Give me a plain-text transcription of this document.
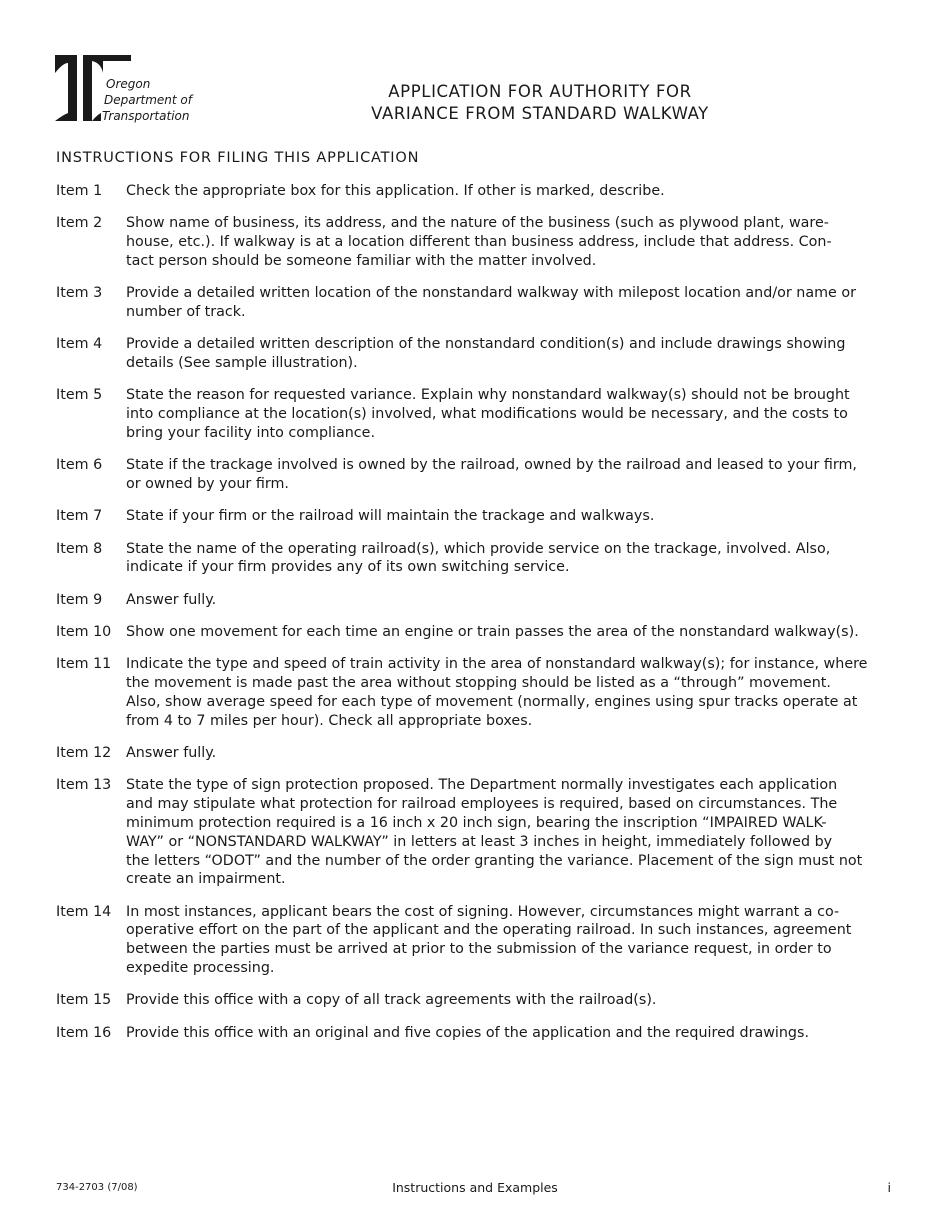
Oregon
Department of
Transportation
APPLICATION FOR AUTHORITY FOR
VARIANCE FROM STANDARD WALKWAY
INSTRUCTIONS FOR FILING THIS APPLICATION
Item 1	Check the appropriate box for this application. If other is marked, describe.
Item 2	Show name of business, its address, and the nature of the business (such as plywood plant, ware-
house, etc.). If walkway is at a location different than business address, include that address. Con-
tact person should be someone familiar with the matter involved.
Item 3	Provide a detailed written location of the nonstandard walkway with milepost location and/or name or
number of track.
Item 4	Provide a detailed written description of the nonstandard condition(s) and include drawings showing
details (See sample illustration).
Item 5	State the reason for requested variance. Explain why nonstandard walkway(s) should not be brought
into compliance at the location(s) involved, what modifications would be necessary, and the costs to
bring your facility into compliance.
Item 6	State if the trackage involved is owned by the railroad, owned by the railroad and leased to your firm,
or owned by your firm.
Item 7	State if your firm or the railroad will maintain the trackage and walkways.
Item 8	State the name of the operating railroad(s), which provide service on the trackage, involved. Also,
indicate if your firm provides any of its own switching service.
Item 9	Answer fully.
Item 10	Show one movement for each time an engine or train passes the area of the nonstandard walkway(s).
Item 11	Indicate the type and speed of train activity in the area of nonstandard walkway(s); for instance, where
the movement is made past the area without stopping should be listed as a “through” movement.
Also, show average speed for each type of movement (normally, engines using spur tracks operate at
from 4 to 7 miles per hour). Check all appropriate boxes.
Item 12	Answer fully.
Item 13	State the type of sign protection proposed. The Department normally investigates each application
and may stipulate what protection for railroad employees is required, based on circumstances. The
minimum protection required is a 16 inch x 20 inch sign, bearing the inscription “IMPAIRED WALK-
WAY” or “NONSTANDARD WALKWAY” in letters at least 3 inches in height, immediately followed by
the letters “ODOT” and the number of the order granting the variance. Placement of the sign must not
create an impairment.
Item 14	In most instances, applicant bears the cost of signing. However, circumstances might warrant a co-
operative effort on the part of the applicant and the operating railroad. In such instances, agreement
between the parties must be arrived at prior to the submission of the variance request, in order to
expedite processing.
Item 15	Provide this office with a copy of all track agreements with the railroad(s).
Item 16	Provide this office with an original and five copies of the application and the required drawings.
734-2703 (7/08)	Instructions and Examples	i
